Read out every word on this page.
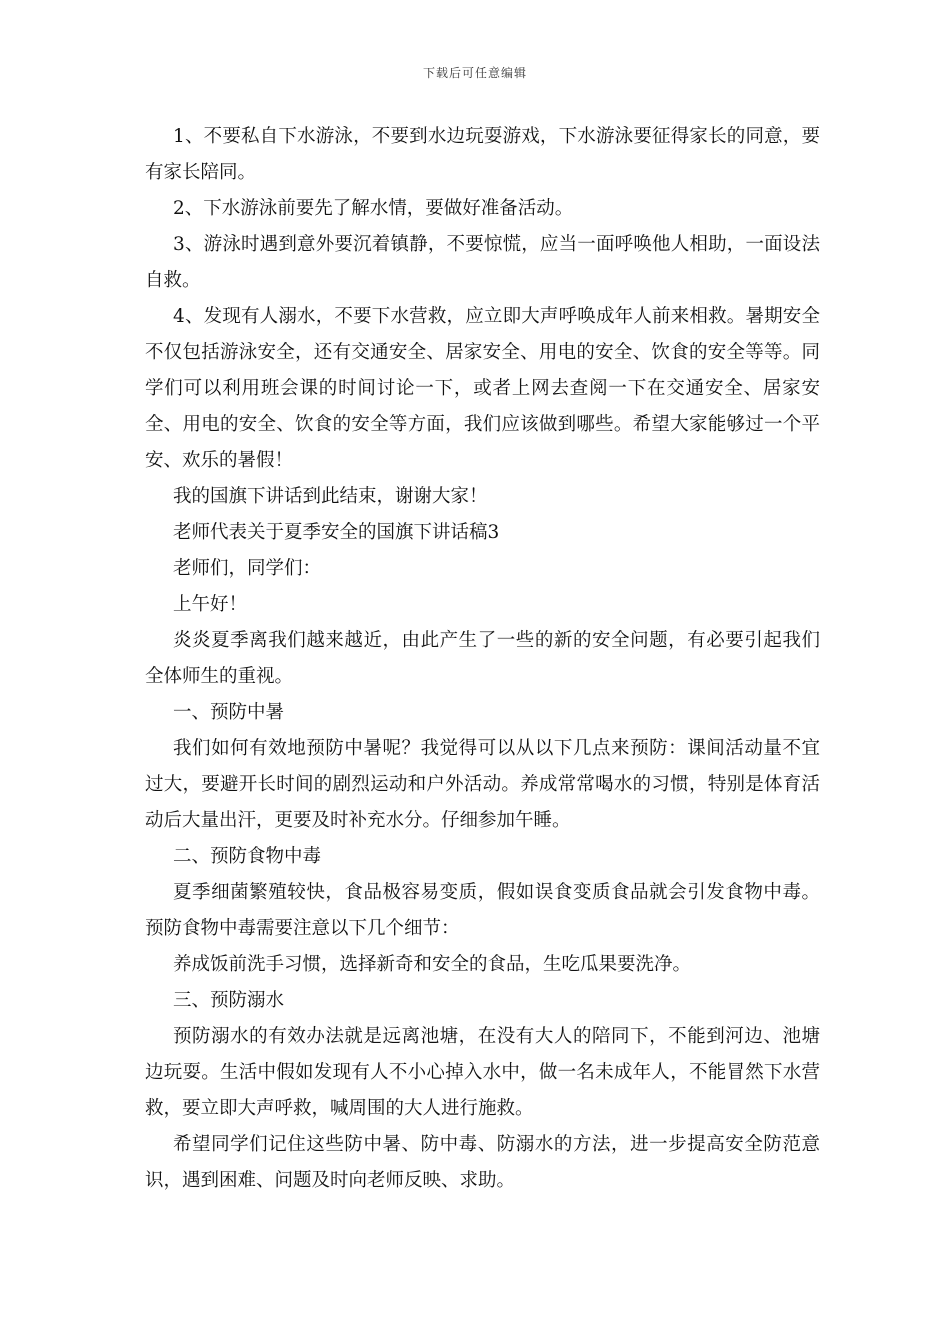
下载后可任意编辑

1、不要私自下水游泳，不要到水边玩耍游戏，下水游泳要征得家长的同意，要有家长陪同。

2、下水游泳前要先了解水情，要做好准备活动。

3、游泳时遇到意外要沉着镇静，不要惊慌，应当一面呼唤他人相助，一面设法自救。

4、发现有人溺水，不要下水营救，应立即大声呼唤成年人前来相救。暑期安全不仅包括游泳安全，还有交通安全、居家安全、用电的安全、饮食的安全等等。同学们可以利用班会课的时间讨论一下，或者上网去查阅一下在交通安全、居家安全、用电的安全、饮食的安全等方面，我们应该做到哪些。希望大家能够过一个平安、欢乐的暑假！

我的国旗下讲话到此结束，谢谢大家！

老师代表关于夏季安全的国旗下讲话稿3

老师们，同学们：

上午好！

炎炎夏季离我们越来越近，由此产生了一些的新的安全问题，有必要引起我们全体师生的重视。

一、预防中暑

我们如何有效地预防中暑呢？我觉得可以从以下几点来预防：课间活动量不宜过大，要避开长时间的剧烈运动和户外活动。养成常常喝水的习惯，特别是体育活动后大量出汗，更要及时补充水分。仔细参加午睡。

二、预防食物中毒

夏季细菌繁殖较快，食品极容易变质，假如误食变质食品就会引发食物中毒。预防食物中毒需要注意以下几个细节：

养成饭前洗手习惯，选择新奇和安全的食品，生吃瓜果要洗净。

三、预防溺水

预防溺水的有效办法就是远离池塘，在没有大人的陪同下，不能到河边、池塘边玩耍。生活中假如发现有人不小心掉入水中，做一名未成年人，不能冒然下水营救，要立即大声呼救，喊周围的大人进行施救。

希望同学们记住这些防中暑、防中毒、防溺水的方法，进一步提高安全防范意识，遇到困难、问题及时向老师反映、求助。
